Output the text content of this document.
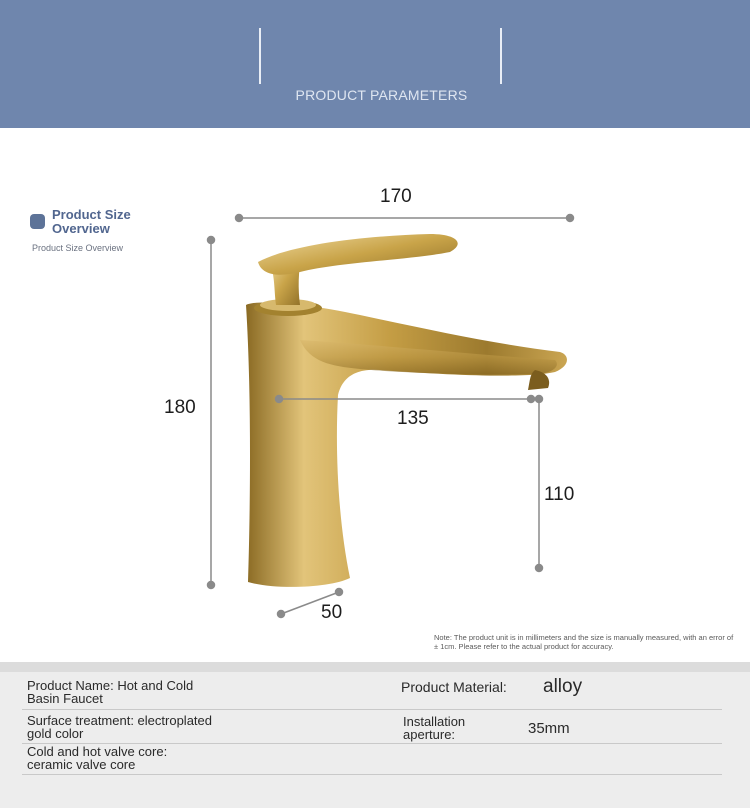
PRODUCT PARAMETERS
Product Size Overview
Product Size Overview
170
180
135
110
50
Note: The product unit is in millimeters and the size is manually measured, with an error of ± 1cm. Please refer to the actual product for accuracy.
Product Name: Hot and Cold Basin Faucet
Product Material: alloy
Surface treatment: electroplated gold color
Installation aperture:	35mm
Cold and hot valve core: ceramic valve core
